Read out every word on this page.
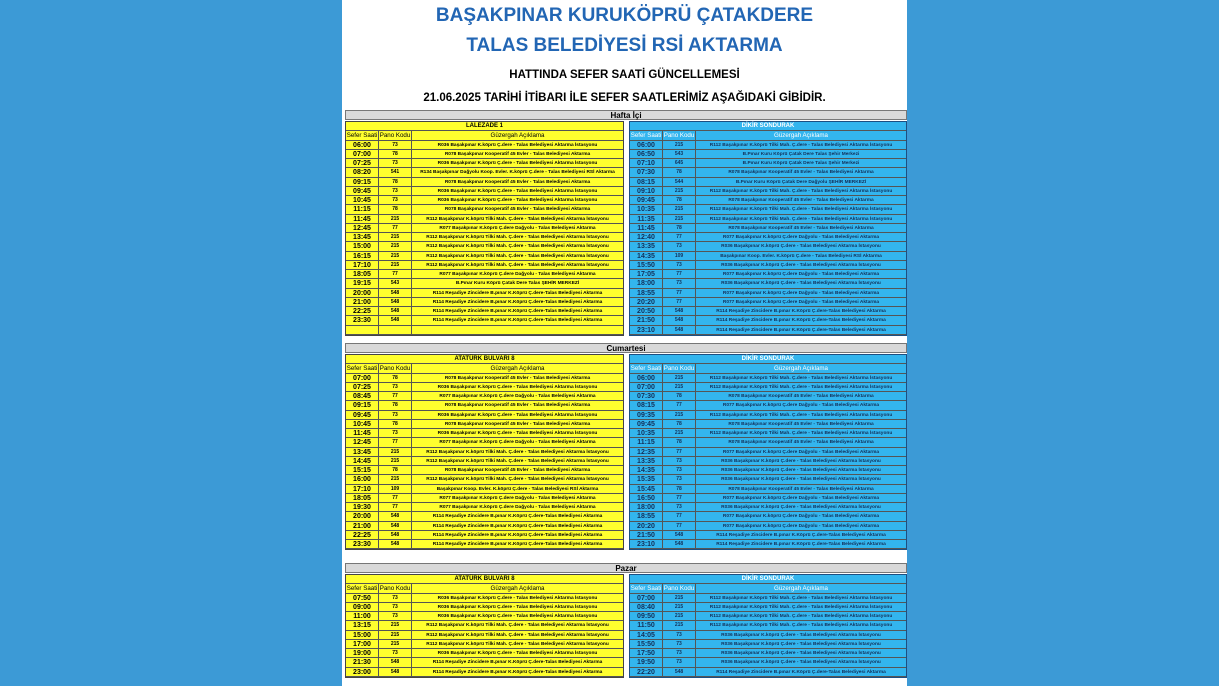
BAŞAKPINAR KURUKÖPRÜ ÇATAKDERE
TALAS BELEDİYESİ RSİ AKTARMA
HATTINDA SEFER SAATİ GÜNCELLEMESİ
21.06.2025 TARİHİ İTİBARI İLE SEFER SAATLERİMİZ AŞAĞIDAKİ GİBİDİR.
Hafta İçi
LALEZADE 1
Sefer Saati Pano Kodu	Güzergah Açıklama
06:00	73	R036 Başakpınar K.köprü Ç.dere - Talas Belediyesi Aktarma İstasyonu
07:00	78	R078 Başakpınar Kooperatif 45 Evler - Talas Belediyesi Aktarma
07:25	73	R036 Başakpınar K.köprü Ç.dere - Talas Belediyesi Aktarma İstasyonu
08:20	541	R134 Başakpınar Dağyolu Koop. Evler. K.köprü Ç.dere - Talas Belediyesi RSİ Aktarma
09:15	78	R078 Başakpınar Kooperatif 45 Evler - Talas Belediyesi Aktarma
09:45	73	R036 Başakpınar K.köprü Ç.dere - Talas Belediyesi Aktarma İstasyonu
10:45	73	R036 Başakpınar K.köprü Ç.dere - Talas Belediyesi Aktarma İstasyonu
11:15	78	R078 Başakpınar Kooperatif 45 Evler - Talas Belediyesi Aktarma
11:45	215	R112 Başakpınar K.köprü Tilki Mah. Ç.dere - Talas Belediyesi Aktarma İstasyonu
12:45	77	R077 Başakpınar K.köprü Ç.dere Dağyolu - Talas Belediyesi Aktarma
13:45	215	R112 Başakpınar K.köprü Tilki Mah. Ç.dere - Talas Belediyesi Aktarma İstasyonu
15:00	215	R112 Başakpınar K.köprü Tilki Mah. Ç.dere - Talas Belediyesi Aktarma İstasyonu
16:15	215	R112 Başakpınar K.köprü Tilki Mah. Ç.dere - Talas Belediyesi Aktarma İstasyonu
17:10	215	R112 Başakpınar K.köprü Tilki Mah. Ç.dere - Talas Belediyesi Aktarma İstasyonu
18:05	77	R077 Başakpınar K.köprü Ç.dere Dağyolu - Talas Belediyesi Aktarma
19:15	543	B.Pınar Kuru Köprü Çatak Dere Talas ŞEHİR MERKEZİ
20:00	548	R114 Reşadiye Zincidere B.pınar K.Köprü Ç.dere-Talas Belediyesi Aktarma
21:00	548	R114 Reşadiye Zincidere B.pınar K.Köprü Ç.dere-Talas Belediyesi Aktarma
22:25	548	R114 Reşadiye Zincidere B.pınar K.Köprü Ç.dere-Talas Belediyesi Aktarma
23:30	548	R114 Reşadiye Zincidere B.pınar K.Köprü Ç.dere-Talas Belediyesi Aktarma
DİKİR SONDURAK
Sefer Saati Pano Kodu	Güzergah Açıklama
06:00	215	R112 Başakpınar K.köprü Tilki Mah. Ç.dere - Talas Belediyesi Aktarma İstasyonu
06:50	543	B.Pınar Kuru Köprü Çatak Dere Talas Şehir Merkezi
07:10	645	B.Pınar Kuru Köprü Çatak Dere Talas Şehir Merkezi
07:30	78	R078 Başakpınar Kooperatif 45 Evler - Talas Belediyesi Aktarma
08:15	544	B.Pınar Kuru Köprü Çatak Dere Dağyolu ŞEHİR MERKEZİ
09:10	215	R112 Başakpınar K.köprü Tilki Mah. Ç.dere - Talas Belediyesi Aktarma İstasyonu
09:45	78	R078 Başakpınar Kooperatif 45 Evler - Talas Belediyesi Aktarma
10:35	215	R112 Başakpınar K.köprü Tilki Mah. Ç.dere - Talas Belediyesi Aktarma İstasyonu
11:35	215	R112 Başakpınar K.köprü Tilki Mah. Ç.dere - Talas Belediyesi Aktarma İstasyonu
11:45	78	R078 Başakpınar Kooperatif 45 Evler - Talas Belediyesi Aktarma
12:40	77	R077 Başakpınar K.köprü Ç.dere Dağyolu - Talas Belediyesi Aktarma
13:35	73	R036 Başakpınar K.köprü Ç.dere - Talas Belediyesi Aktarma İstasyonu
14:35	109	Başakpınar Koop. Evler. K.köprü Ç.dere - Talas Belediyesi RSİ Aktarma
15:50	73	R036 Başakpınar K.köprü Ç.dere - Talas Belediyesi Aktarma İstasyonu
17:05	77	R077 Başakpınar K.köprü Ç.dere Dağyolu - Talas Belediyesi Aktarma
18:00	73	R036 Başakpınar K.köprü Ç.dere - Talas Belediyesi Aktarma İstasyonu
18:55	77	R077 Başakpınar K.köprü Ç.dere Dağyolu - Talas Belediyesi Aktarma
20:20	77	R077 Başakpınar K.köprü Ç.dere Dağyolu - Talas Belediyesi Aktarma
20:50	548	R114 Reşadiye Zincidere B.pınar K.Köprü Ç.dere-Talas Belediyesi Aktarma
21:50	548	R114 Reşadiye Zincidere B.pınar K.Köprü Ç.dere-Talas Belediyesi Aktarma
23:10	548	R114 Reşadiye Zincidere B.pınar K.Köprü Ç.dere-Talas Belediyesi Aktarma
Cumartesi
ATATÜRK BULVARI 8
Sefer Saati Pano Kodu	Güzergah Açıklama
07:00	78	R078 Başakpınar Kooperatif 45 Evler - Talas Belediyesi Aktarma
07:25	73	R036 Başakpınar K.köprü Ç.dere - Talas Belediyesi Aktarma İstasyonu
08:45	77	R077 Başakpınar K.köprü Ç.dere Dağyolu - Talas Belediyesi Aktarma
09:15	78	R078 Başakpınar Kooperatif 45 Evler - Talas Belediyesi Aktarma
09:45	73	R036 Başakpınar K.köprü Ç.dere - Talas Belediyesi Aktarma İstasyonu
10:45	78	R078 Başakpınar Kooperatif 45 Evler - Talas Belediyesi Aktarma
11:45	73	R036 Başakpınar K.köprü Ç.dere - Talas Belediyesi Aktarma İstasyonu
12:45	77	R077 Başakpınar K.köprü Ç.dere Dağyolu - Talas Belediyesi Aktarma
13:45	215	R112 Başakpınar K.köprü Tilki Mah. Ç.dere - Talas Belediyesi Aktarma İstasyonu
14:45	215	R112 Başakpınar K.köprü Tilki Mah. Ç.dere - Talas Belediyesi Aktarma İstasyonu
15:15	78	R078 Başakpınar Kooperatif 45 Evler - Talas Belediyesi Aktarma
16:00	215	R112 Başakpınar K.köprü Tilki Mah. Ç.dere - Talas Belediyesi Aktarma İstasyonu
17:10	109	Başakpınar Koop. Evler. K.köprü Ç.dere - Talas Belediyesi RSİ Aktarma
18:05	77	R077 Başakpınar K.köprü Ç.dere Dağyolu - Talas Belediyesi Aktarma
19:30	77	R077 Başakpınar K.köprü Ç.dere Dağyolu - Talas Belediyesi Aktarma
20:00	548	R114 Reşadiye Zincidere B.pınar K.Köprü Ç.dere-Talas Belediyesi Aktarma
21:00	548	R114 Reşadiye Zincidere B.pınar K.Köprü Ç.dere-Talas Belediyesi Aktarma
22:25	548	R114 Reşadiye Zincidere B.pınar K.Köprü Ç.dere-Talas Belediyesi Aktarma
23:30	548	R114 Reşadiye Zincidere B.pınar K.Köprü Ç.dere-Talas Belediyesi Aktarma
DİKİR SONDURAK
Sefer Saati Pano Kodu	Güzergah Açıklama
06:00	215	R112 Başakpınar K.köprü Tilki Mah. Ç.dere - Talas Belediyesi Aktarma İstasyonu
07:00	215	R112 Başakpınar K.köprü Tilki Mah. Ç.dere - Talas Belediyesi Aktarma İstasyonu
07:30	78	R078 Başakpınar Kooperatif 45 Evler - Talas Belediyesi Aktarma
08:15	77	R077 Başakpınar K.köprü Ç.dere Dağyolu - Talas Belediyesi Aktarma
09:35	215	R112 Başakpınar K.köprü Tilki Mah. Ç.dere - Talas Belediyesi Aktarma İstasyonu
09:45	78	R078 Başakpınar Kooperatif 45 Evler - Talas Belediyesi Aktarma
10:35	215	R112 Başakpınar K.köprü Tilki Mah. Ç.dere - Talas Belediyesi Aktarma İstasyonu
11:15	78	R078 Başakpınar Kooperatif 45 Evler - Talas Belediyesi Aktarma
12:35	77	R077 Başakpınar K.köprü Ç.dere Dağyolu - Talas Belediyesi Aktarma
13:35	73	R036 Başakpınar K.köprü Ç.dere - Talas Belediyesi Aktarma İstasyonu
14:35	73	R036 Başakpınar K.köprü Ç.dere - Talas Belediyesi Aktarma İstasyonu
15:35	73	R036 Başakpınar K.köprü Ç.dere - Talas Belediyesi Aktarma İstasyonu
15:45	78	R078 Başakpınar Kooperatif 45 Evler - Talas Belediyesi Aktarma
16:50	77	R077 Başakpınar K.köprü Ç.dere Dağyolu - Talas Belediyesi Aktarma
18:00	73	R036 Başakpınar K.köprü Ç.dere - Talas Belediyesi Aktarma İstasyonu
18:55	77	R077 Başakpınar K.köprü Ç.dere Dağyolu - Talas Belediyesi Aktarma
20:20	77	R077 Başakpınar K.köprü Ç.dere Dağyolu - Talas Belediyesi Aktarma
21:50	548	R114 Reşadiye Zincidere B.pınar K.Köprü Ç.dere-Talas Belediyesi Aktarma
23:10	548	R114 Reşadiye Zincidere B.pınar K.Köprü Ç.dere-Talas Belediyesi Aktarma
Pazar
ATATÜRK BULVARI 8
Sefer Saati Pano Kodu	Güzergah Açıklama
07:50	73	R036 Başakpınar K.köprü Ç.dere - Talas Belediyesi Aktarma İstasyonu
09:00	73	R036 Başakpınar K.köprü Ç.dere - Talas Belediyesi Aktarma İstasyonu
11:00	73	R036 Başakpınar K.köprü Ç.dere - Talas Belediyesi Aktarma İstasyonu
13:15	215	R112 Başakpınar K.köprü Tilki Mah. Ç.dere - Talas Belediyesi Aktarma İstasyonu
15:00	215	R112 Başakpınar K.köprü Tilki Mah. Ç.dere - Talas Belediyesi Aktarma İstasyonu
17:00	215	R112 Başakpınar K.köprü Tilki Mah. Ç.dere - Talas Belediyesi Aktarma İstasyonu
19:00	73	R036 Başakpınar K.köprü Ç.dere - Talas Belediyesi Aktarma İstasyonu
21:30	548	R114 Reşadiye Zincidere B.pınar K.Köprü Ç.dere-Talas Belediyesi Aktarma
23:00	548	R114 Reşadiye Zincidere B.pınar K.Köprü Ç.dere-Talas Belediyesi Aktarma
DİKİR SONDURAK
Sefer Saati Pano Kodu	Güzergah Açıklama
07:00	215	R112 Başakpınar K.köprü Tilki Mah. Ç.dere - Talas Belediyesi Aktarma İstasyonu
08:40	215	R112 Başakpınar K.köprü Tilki Mah. Ç.dere - Talas Belediyesi Aktarma İstasyonu
09:50	215	R112 Başakpınar K.köprü Tilki Mah. Ç.dere - Talas Belediyesi Aktarma İstasyonu
11:50	215	R112 Başakpınar K.köprü Tilki Mah. Ç.dere - Talas Belediyesi Aktarma İstasyonu
14:05	73	R036 Başakpınar K.köprü Ç.dere - Talas Belediyesi Aktarma İstasyonu
15:50	73	R036 Başakpınar K.köprü Ç.dere - Talas Belediyesi Aktarma İstasyonu
17:50	73	R036 Başakpınar K.köprü Ç.dere - Talas Belediyesi Aktarma İstasyonu
19:50	73	R036 Başakpınar K.köprü Ç.dere - Talas Belediyesi Aktarma İstasyonu
22:20	548	R114 Reşadiye Zincidere B.pınar K.Köprü Ç.dere-Talas Belediyesi Aktarma
